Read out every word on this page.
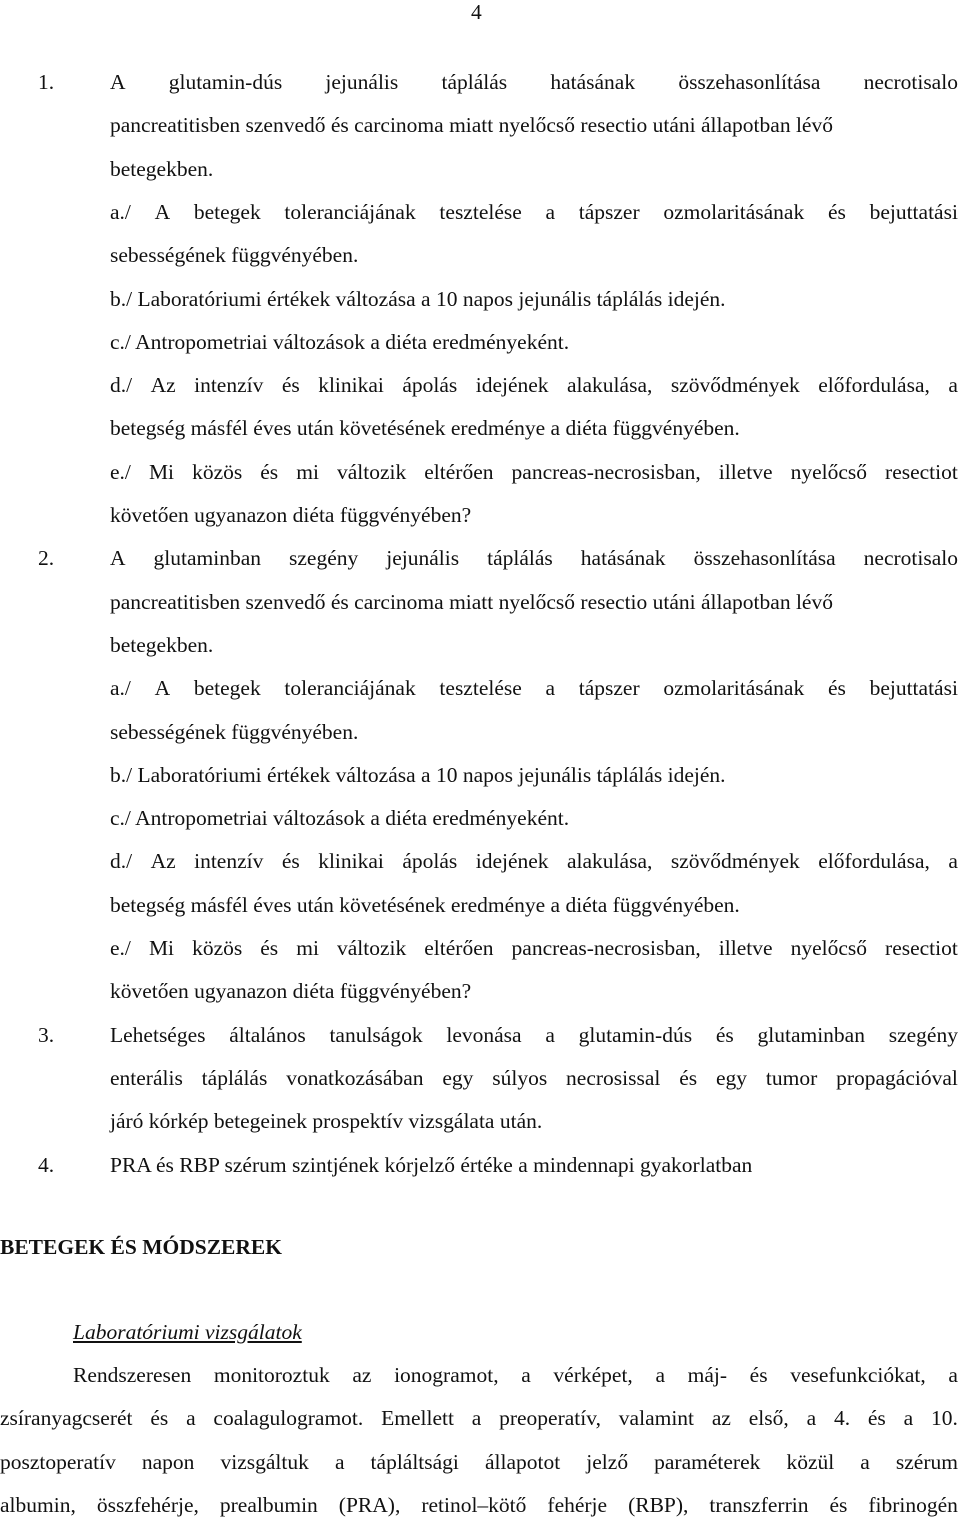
4
1.	A glutamin-dús jejunális táplálás hatásának összehasonlítása necrotisalo
pancreatitisben szenvedő és carcinoma miatt nyelőcső resectio utáni állapotban lévő
betegekben.
a./ A betegek toleranciájának tesztelése a tápszer ozmolaritásának és bejuttatási
sebességének függvényében.
b./ Laboratóriumi értékek változása a 10 napos jejunális táplálás idején.
c./ Antropometriai változások a diéta eredményeként.
d./ Az intenzív és klinikai ápolás idejének alakulása, szövődmények előfordulása, a
betegség másfél éves után követésének eredménye a diéta függvényében.
e./ Mi közös és mi változik eltérően pancreas-necrosisban, illetve nyelőcső resectiot
követően ugyanazon diéta függvényében?
2.	A glutaminban szegény jejunális táplálás hatásának összehasonlítása necrotisalo
pancreatitisben szenvedő és carcinoma miatt nyelőcső resectio utáni állapotban lévő
betegekben.
a./ A betegek toleranciájának tesztelése a tápszer ozmolaritásának és bejuttatási
sebességének függvényében.
b./ Laboratóriumi értékek változása a 10 napos jejunális táplálás idején.
c./ Antropometriai változások a diéta eredményeként.
d./ Az intenzív és klinikai ápolás idejének alakulása, szövődmények előfordulása, a
betegség másfél éves után követésének eredménye a diéta függvényében.
e./ Mi közös és mi változik eltérően pancreas-necrosisban, illetve nyelőcső resectiot
követően ugyanazon diéta függvényében?
3.	Lehetséges általános tanulságok levonása a glutamin-dús és glutaminban szegény
enterális táplálás vonatkozásában egy súlyos necrosissal és egy tumor propagációval
járó kórkép betegeinek prospektív vizsgálata után.
4.	PRA és RBP szérum szintjének kórjelző értéke a mindennapi gyakorlatban
BETEGEK ÉS MÓDSZEREK
Laboratóriumi vizsgálatok
Rendszeresen monitoroztuk az ionogramot, a vérképet, a máj- és vesefunkciókat, a
zsíranyagcserét és a coalagulogramot. Emellett a preoperatív, valamint az első, a 4. és a 10.
posztoperatív napon vizsgáltuk a tápláltsági állapotot jelző paraméterek közül a szérum
albumin, összfehérje, prealbumin (PRA), retinol–kötő fehérje (RBP), transzferrin és fibrinogén
